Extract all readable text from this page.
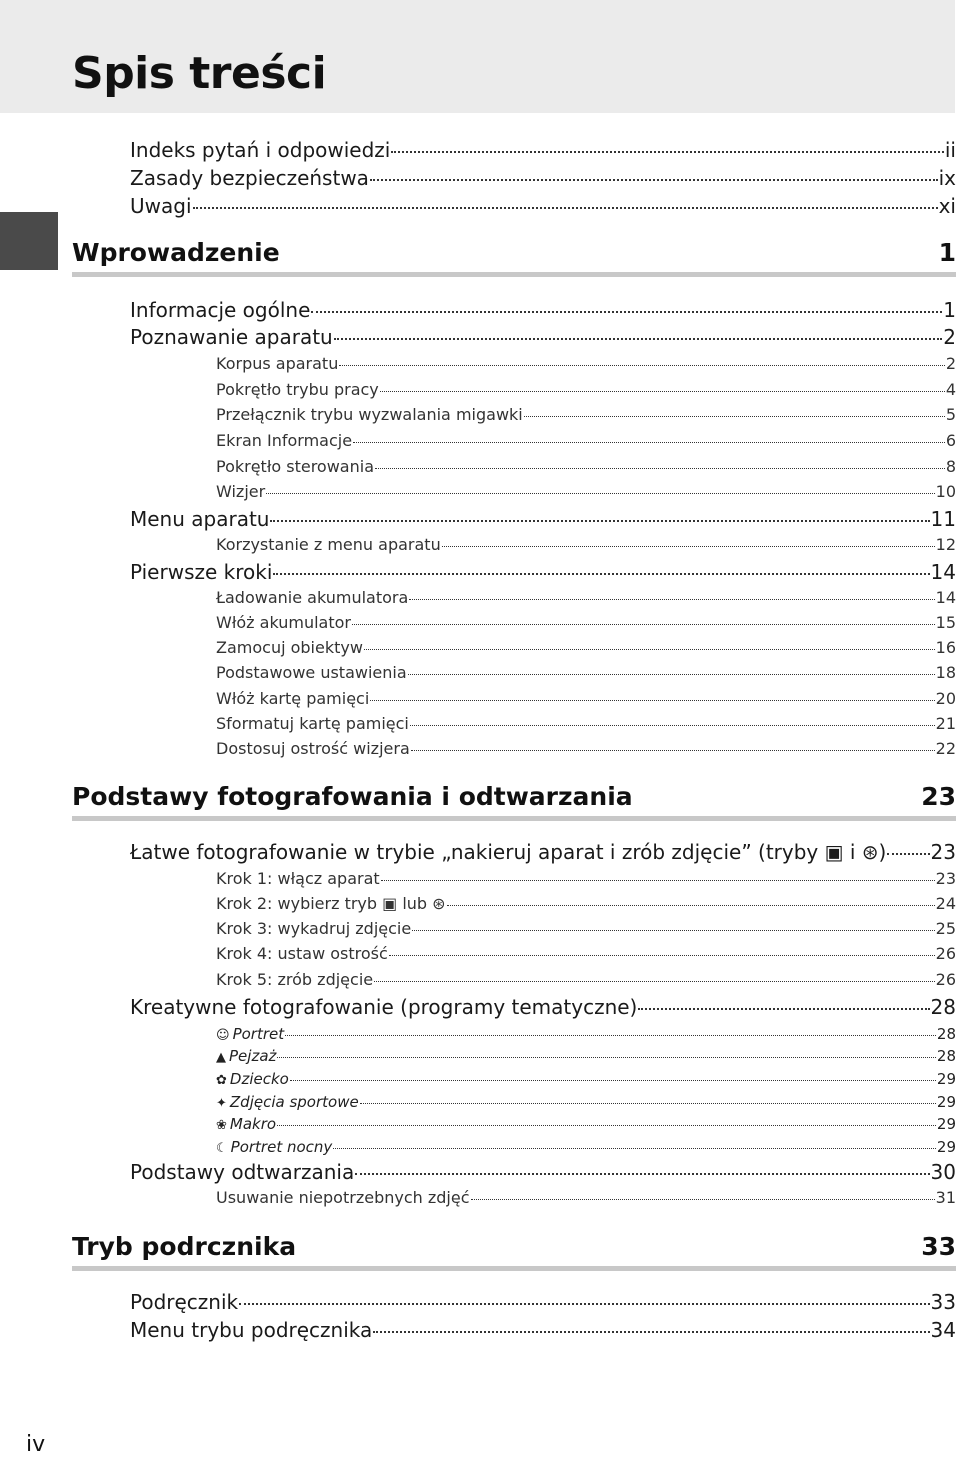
Spis treści
Indeks pytań i odpowiedzi	ii
Zasady bezpieczeństwa	ix
Uwagi	xi
Wprowadzenie	1
Informacje ogólne	1
Poznawanie aparatu	2
Korpus aparatu	2
Pokrętło trybu pracy	4
Przełącznik trybu wyzwalania migawki	5
Ekran Informacje	6
Pokrętło sterowania	8
Wizjer	10
Menu aparatu	11
Korzystanie z menu aparatu	12
Pierwsze kroki	14
Ładowanie akumulatora	14
Włóż akumulator	15
Zamocuj obiektyw	16
Podstawowe ustawienia	18
Włóż kartę pamięci	20
Sformatuj kartę pamięci	21
Dostosuj ostrość wizjera	22
Podstawy fotografowania i odtwarzania	23
Łatwe fotografowanie w trybie „nakieruj aparat i zrób zdjęcie” (tryby ▣ i ⊛) 23
Krok 1: włącz aparat	23
Krok 2: wybierz tryb ▣ lub ⊛	24
Krok 3: wykadruj zdjęcie	25
Krok 4: ustaw ostrość	26
Krok 5: zrób zdjęcie	26
Kreatywne fotografowanie (programy tematyczne)	28
☺ Portret	28
▲ Pejzaż	28
✿ Dziecko	29
✦ Zdjęcia sportowe	29
❀ Makro	29
☾ Portret nocny	29
Podstawy odtwarzania	30
Usuwanie niepotrzebnych zdjęć	31
Tryb podrcznika	33
Podręcznik	33
Menu trybu podręcznika	34
iv
